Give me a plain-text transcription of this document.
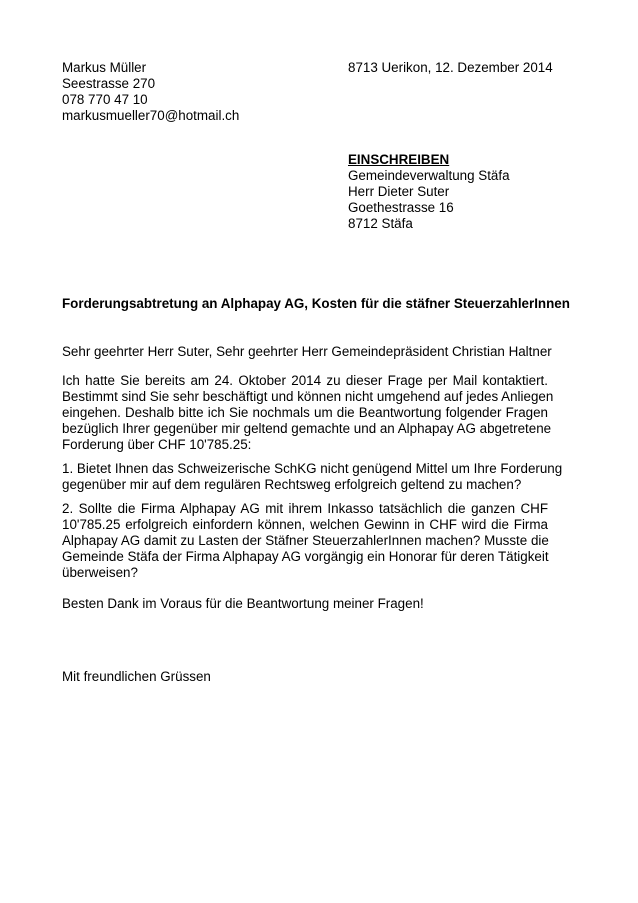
Markus Müller
Seestrasse 270
078 770 47 10
markusmueller70@hotmail.ch
8713 Uerikon, 12. Dezember 2014
EINSCHREIBEN
Gemeindeverwaltung Stäfa
Herr Dieter Suter
Goethestrasse 16
8712 Stäfa
Forderungsabtretung an Alphapay AG, Kosten für die stäfner SteuerzahlerInnen
Sehr geehrter Herr Suter, Sehr geehrter Herr Gemeindepräsident Christian Haltner
Ich hatte Sie bereits am 24. Oktober 2014 zu dieser Frage per Mail kontaktiert.
Bestimmt sind Sie sehr beschäftigt und können nicht umgehend auf jedes Anliegen
eingehen. Deshalb bitte ich Sie nochmals um die Beantwortung folgender Fragen
bezüglich Ihrer gegenüber mir geltend gemachte und an Alphapay AG abgetretene
Forderung über CHF 10'785.25:
1. Bietet Ihnen das Schweizerische SchKG nicht genügend Mittel um Ihre Forderung
gegenüber mir auf dem regulären Rechtsweg erfolgreich geltend zu machen?
2. Sollte die Firma Alphapay AG mit ihrem Inkasso tatsächlich die ganzen CHF
10'785.25 erfolgreich einfordern können, welchen Gewinn in CHF wird die Firma
Alphapay AG damit zu Lasten der Stäfner SteuerzahlerInnen machen? Musste die
Gemeinde Stäfa der Firma Alphapay AG vorgängig ein Honorar für deren Tätigkeit
überweisen?
Besten Dank im Voraus für die Beantwortung meiner Fragen!
Mit freundlichen Grüssen
